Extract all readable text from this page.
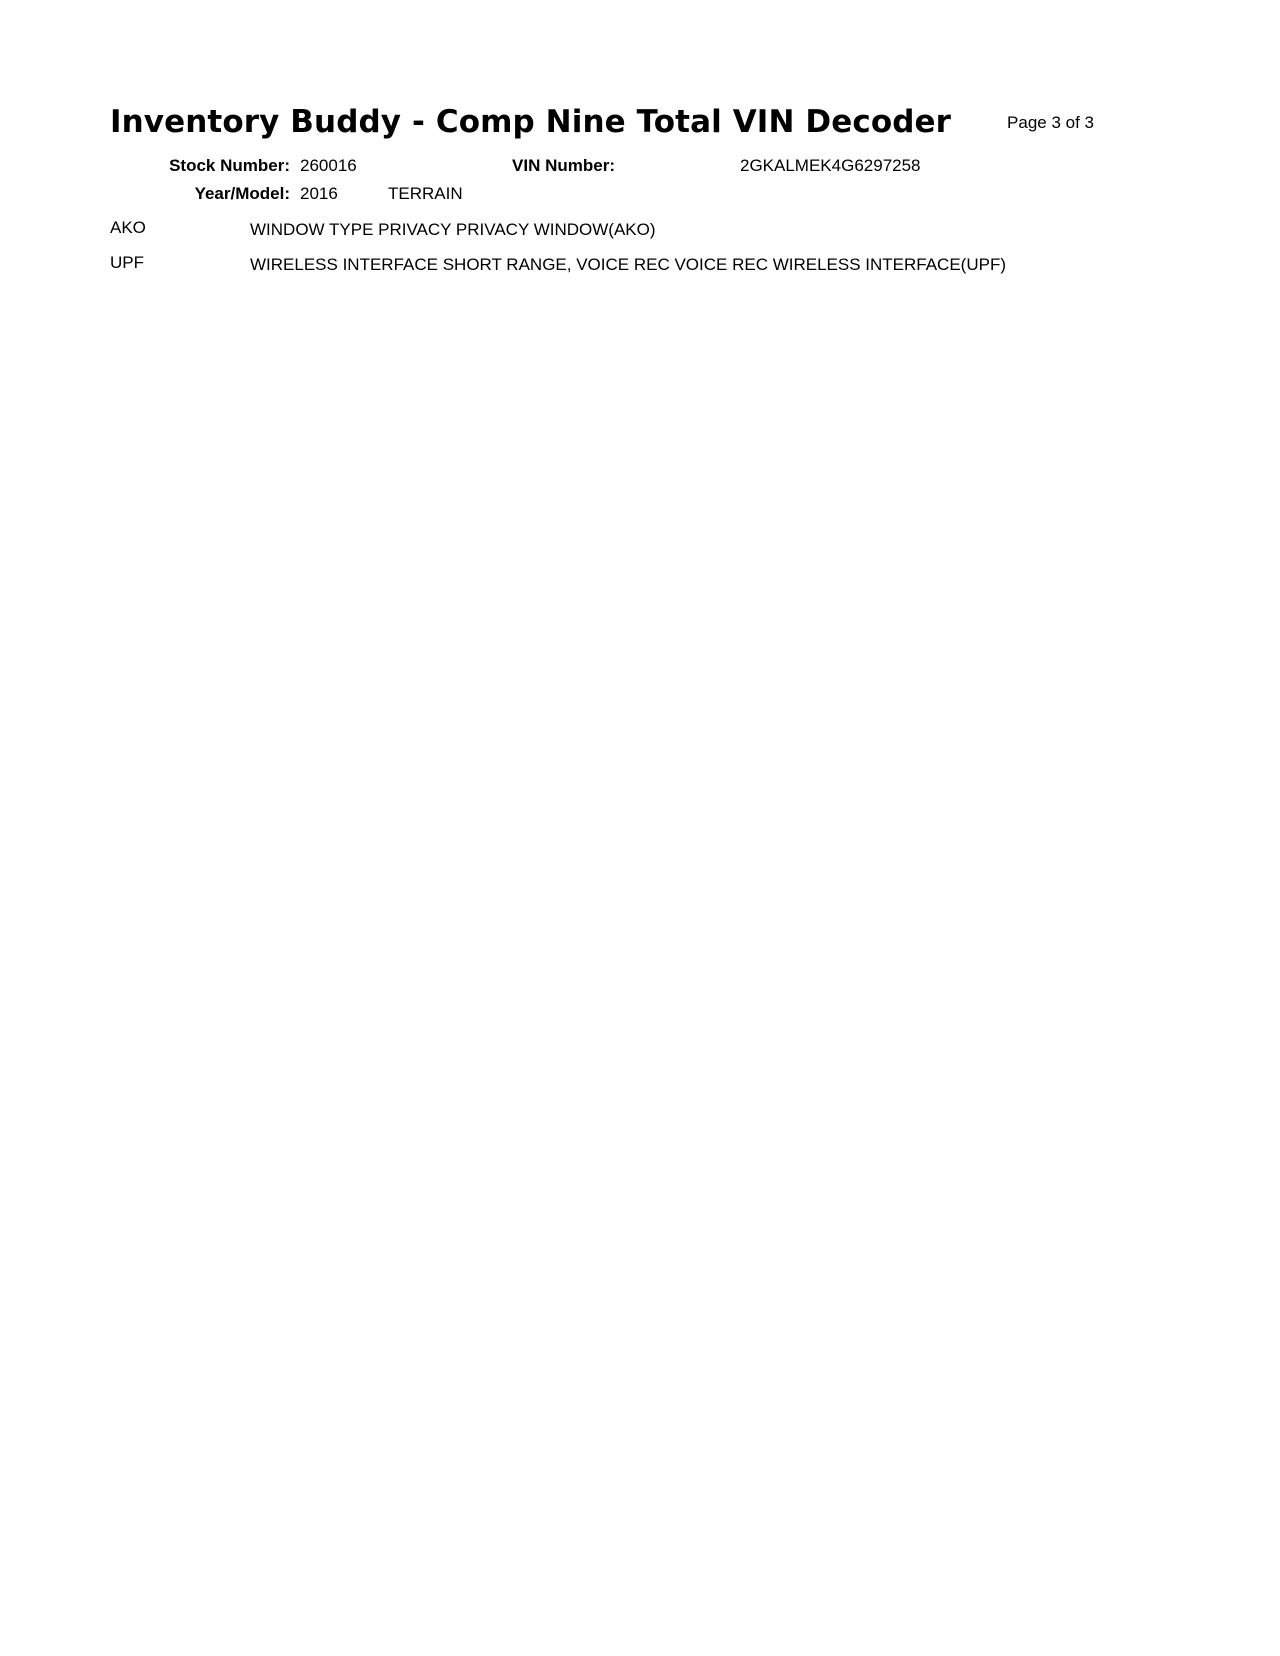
Inventory Buddy - Comp Nine Total VIN Decoder	Page 3 of 3
Stock Number: 260016	VIN Number:	2GKALMEK4G6297258
Year/Model: 2016	TERRAIN
AKO	WINDOW TYPE PRIVACY PRIVACY WINDOW(AKO)
UPF	WIRELESS INTERFACE SHORT RANGE, VOICE REC VOICE REC WIRELESS INTERFACE(UPF)
